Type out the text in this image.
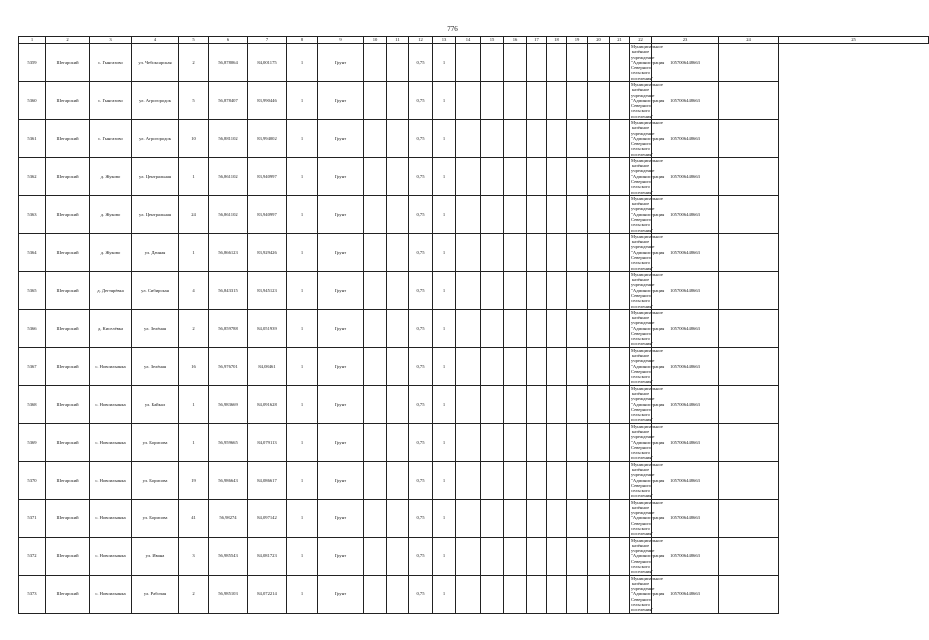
776
1	2	3	4	5	6	7	8	9	10	11	12	13	14	15	16	17	18	19	20	21	22	23	24	25
5359	Шегарский	с. Гынгазово	ул. Чебоксарская	2	56,878064	84,001175	1	Грунт			0,75	1									Муниципальное казённое
учреждение
"Администрация Северного
сельского поселения"	1057006448663		
5360	Шегарский	с. Гынгазово	ул. Агрогородок	5	56,878407	83,990446	1	Грунт			0,75	1									Муниципальное казённое
учреждение
"Администрация Северного
сельского поселения"	1057006448663		
5361	Шегарский	с. Гынгазово	ул. Агрогородок	10	56,881102	83,994002	1	Грунт			0,75	1									Муниципальное казённое
учреждение
"Администрация Северного
сельского поселения"	1057006448663		
5362	Шегарский	д. Жуково	ул. Центральная	1	56,861102	83,940997	1	Грунт			0,75	1									Муниципальное казённое
учреждение
"Администрация Северного
сельского поселения"	1057006448663		
5363	Шегарский	д. Жуково	ул. Центральная	24	56,861102	83,940997	1	Грунт			0,75	1									Муниципальное казённое
учреждение
"Администрация Северного
сельского поселения"	1057006448663		
5364	Шегарский	д. Жуково	ул. Дачная	1	56,866123	83,929426	1	Грунт			0,75	1									Муниципальное казённое
учреждение
"Администрация Северного
сельского поселения"	1057006448663		
5365	Шегарский	д. Дегтярёвка	ул. Сибирская	4	56,843315	83,945123	1	Грунт			0,75	1									Муниципальное казённое
учреждение
"Администрация Северного
сельского поселения"	1057006448663		
5366	Шегарский	д. Киселёвка	ул. Зелёная	2	56,859788	84,051939	1	Грунт			0,75	1									Муниципальное казённое
учреждение
"Администрация Северного
сельского поселения"	1057006448663		
5367	Шегарский	с. Новоильинка	ул. Зелёная	16	56,976701	84,08461	1	Грунт			0,75	1									Муниципальное казённое
учреждение
"Администрация Северного
сельского поселения"	1057006448663		
5368	Шегарский	с. Новоильинка	ул. Байкал	1	56,983669	84,091628	1	Грунт			0,75	1									Муниципальное казённое
учреждение
"Администрация Северного
сельского поселения"	1057006448663		
5369	Шегарский	с. Новоильинка	ул. Борисова	1	56,959665	84,079113	1	Грунт			0,75	1									Муниципальное казённое
учреждение
"Администрация Северного
сельского поселения"	1057006448663		
5370	Шегарский	с. Новоильинка	ул. Борисова	19	56,986643	84,086617	1	Грунт			0,75	1									Муниципальное казённое
учреждение
"Администрация Северного
сельского поселения"	1057006448663		
5371	Шегарский	с. Новоильинка	ул. Борисова	41	56,98274	84,097142	1	Грунт			0,75	1									Муниципальное казённое
учреждение
"Администрация Северного
сельского поселения"	1057006448663		
5372	Шегарский	с. Новоильинка	ул. Ивана	3	56,985543	84,081723	1	Грунт			0,75	1									Муниципальное казённое
учреждение
"Администрация Северного
сельского поселения"	1057006448663		
5373	Шегарский	с. Новоильинка	ул. Рабочая	2	56,985103	84,072214	1	Грунт			0,75	1									Муниципальное казённое
учреждение
"Администрация Северного
сельского поселения"	1057006448663		
